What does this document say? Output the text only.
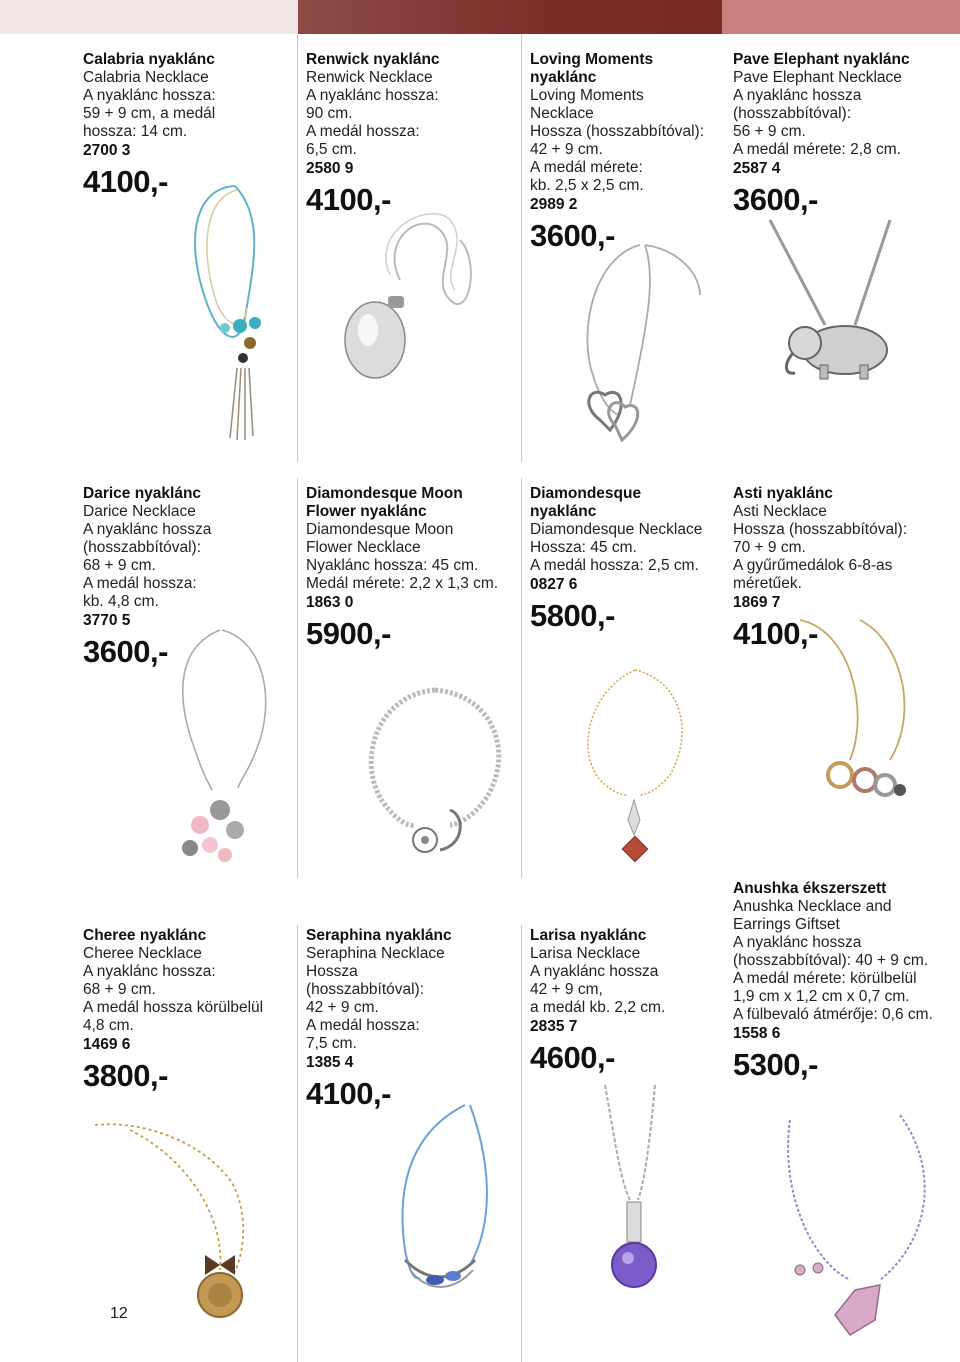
Calabria nyaklánc
Calabria Necklace
A nyaklánc hossza:
59 + 9 cm, a medál
hossza: 14 cm.
2700 3
4100,-
Renwick nyaklánc
Renwick Necklace
A nyaklánc hossza:
90 cm.
A medál hossza:
6,5 cm.
2580 9
4100,-
Loving Moments
nyaklánc
Loving Moments
Necklace
Hossza (hosszabbítóval):
42 + 9 cm.
A medál mérete:
kb. 2,5 x 2,5 cm.
2989 2
3600,-
Pave Elephant nyaklánc
Pave Elephant Necklace
A nyaklánc hossza
(hosszabbítóval):
56 + 9 cm.
A medál mérete: 2,8 cm.
2587 4
3600,-
Darice nyaklánc
Darice Necklace
A nyaklánc hossza
(hosszabbítóval):
68 + 9 cm.
A medál hossza:
kb. 4,8 cm.
3770 5
3600,-
Diamondesque Moon
Flower nyaklánc
Diamondesque Moon
Flower Necklace
Nyaklánc hossza: 45 cm.
Medál mérete: 2,2 x 1,3 cm.
1863 0
5900,-
Diamondesque
nyaklánc
Diamondesque Necklace
Hossza: 45 cm.
A medál hossza: 2,5 cm.
0827 6
5800,-
Asti nyaklánc
Asti Necklace
Hossza (hosszabbítóval):
70 + 9 cm.
A gyűrűmedálok 6-8-as
méretűek.
1869 7
4100,-
Cheree nyaklánc
Cheree Necklace
A nyaklánc hossza:
68 + 9 cm.
A medál hossza körülbelül
4,8 cm.
1469 6
3800,-
Seraphina nyaklánc
Seraphina Necklace
Hossza
(hosszabbítóval):
42 + 9 cm.
A medál hossza:
7,5 cm.
1385 4
4100,-
Larisa nyaklánc
Larisa Necklace
A nyaklánc hossza
42 + 9 cm,
a medál kb. 2,2 cm.
2835 7
4600,-
Anushka ékszerszett
Anushka Necklace and
Earrings Giftset
A nyaklánc hossza
(hosszabbítóval): 40 + 9 cm.
A medál mérete: körülbelül
1,9 cm x 1,2 cm x 0,7 cm.
A fülbevaló átmérője: 0,6 cm.
1558 6
5300,-
12
